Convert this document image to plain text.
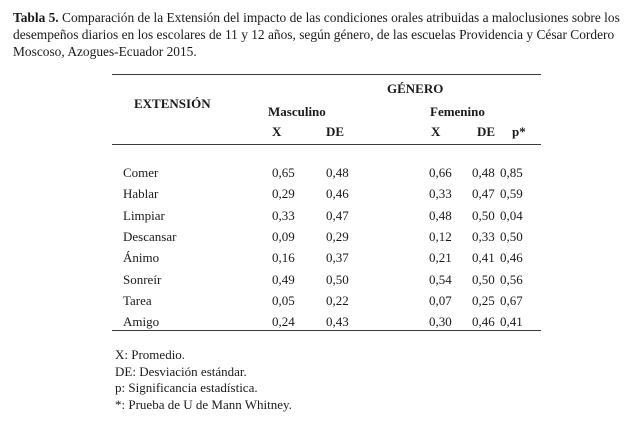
Tabla 5. Comparación de la Extensión del impacto de las condiciones orales atribuidas a maloclusiones sobre los desempeños diarios en los escolares de 11 y 12 años, según género, de las escuelas Providencia y César Cordero Moscoso, Azogues-Ecuador 2015.
EXTENSIÓN
GÉNERO
Masculino	Femenino
X	DE	X	DE p*
Comer	0,65 0,48	0,66 0,48 0,85
Hablar	0,29 0,46	0,33 0,47 0,59
Limpiar	0,33 0,47	0,48 0,50 0,04
Descansar	0,09 0,29	0,12 0,33 0,50
Ánimo	0,16 0,37	0,21 0,41 0,46
Sonreír	0,49 0,50	0,54 0,50 0,56
Tarea	0,05 0,22	0,07 0,25 0,67
Amigo	0,24 0,43	0,30 0,46 0,41
X: Promedio.
DE: Desviación estándar.
p: Significancia estadística.
*: Prueba de U de Mann Whitney.
